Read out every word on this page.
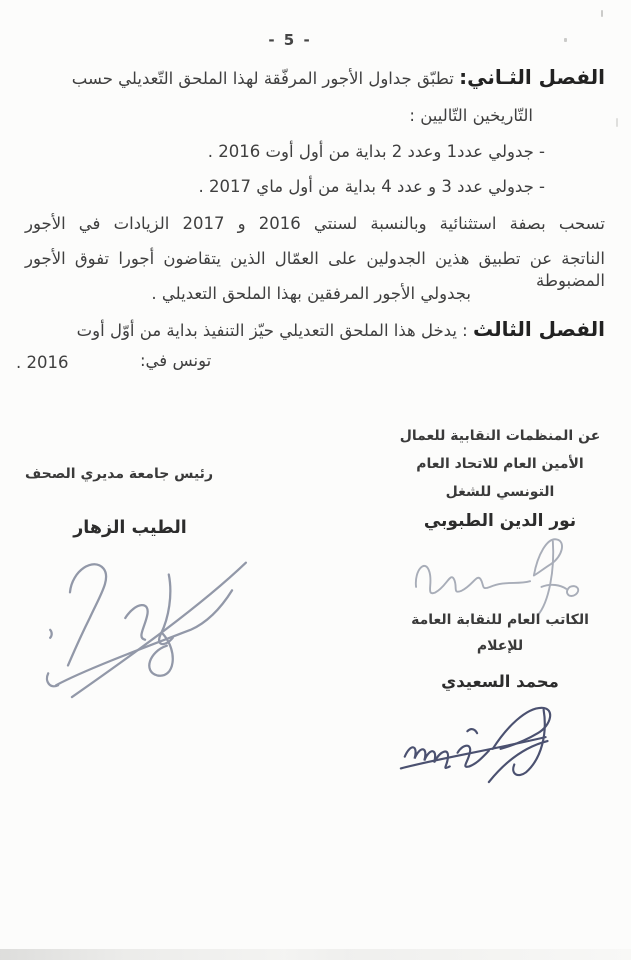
- 5 -
الفصل الثـاني: تطبّق جداول الأجور المرفّقة لهذا الملحق التّعديلي حسب
التّاريخين التّاليين :
- جدولي عدد1 وعدد 2 بداية من أول أوت 2016 .
- جدولي عدد 3 و عدد 4 بداية من أول ماي 2017 .
تسحب بصفة استثنائية وبالنسبة لسنتي 2016 و 2017 الزيادات في الأجور
الناتجة عن تطبيق هذين الجدولين على العمّال الذين يتقاضون أجورا تفوق الأجور المضبوطة
بجدولي الأجور المرفقين بهذا الملحق التعديلي .
الفصل الثالث : يدخل هذا الملحق التعديلي حيّز التنفيذ بداية من أوّل أوت
2016 .	تونس في:
عن المنظمات النقابية للعمال
الأمين العام للاتحاد العام
التونسي للشغل
نور الدين الطبوبي
رئيس جامعة مديري الصحف
الطيب الزهار
الكاتب العام للنقابة العامة
للإعلام
محمد السعيدي
